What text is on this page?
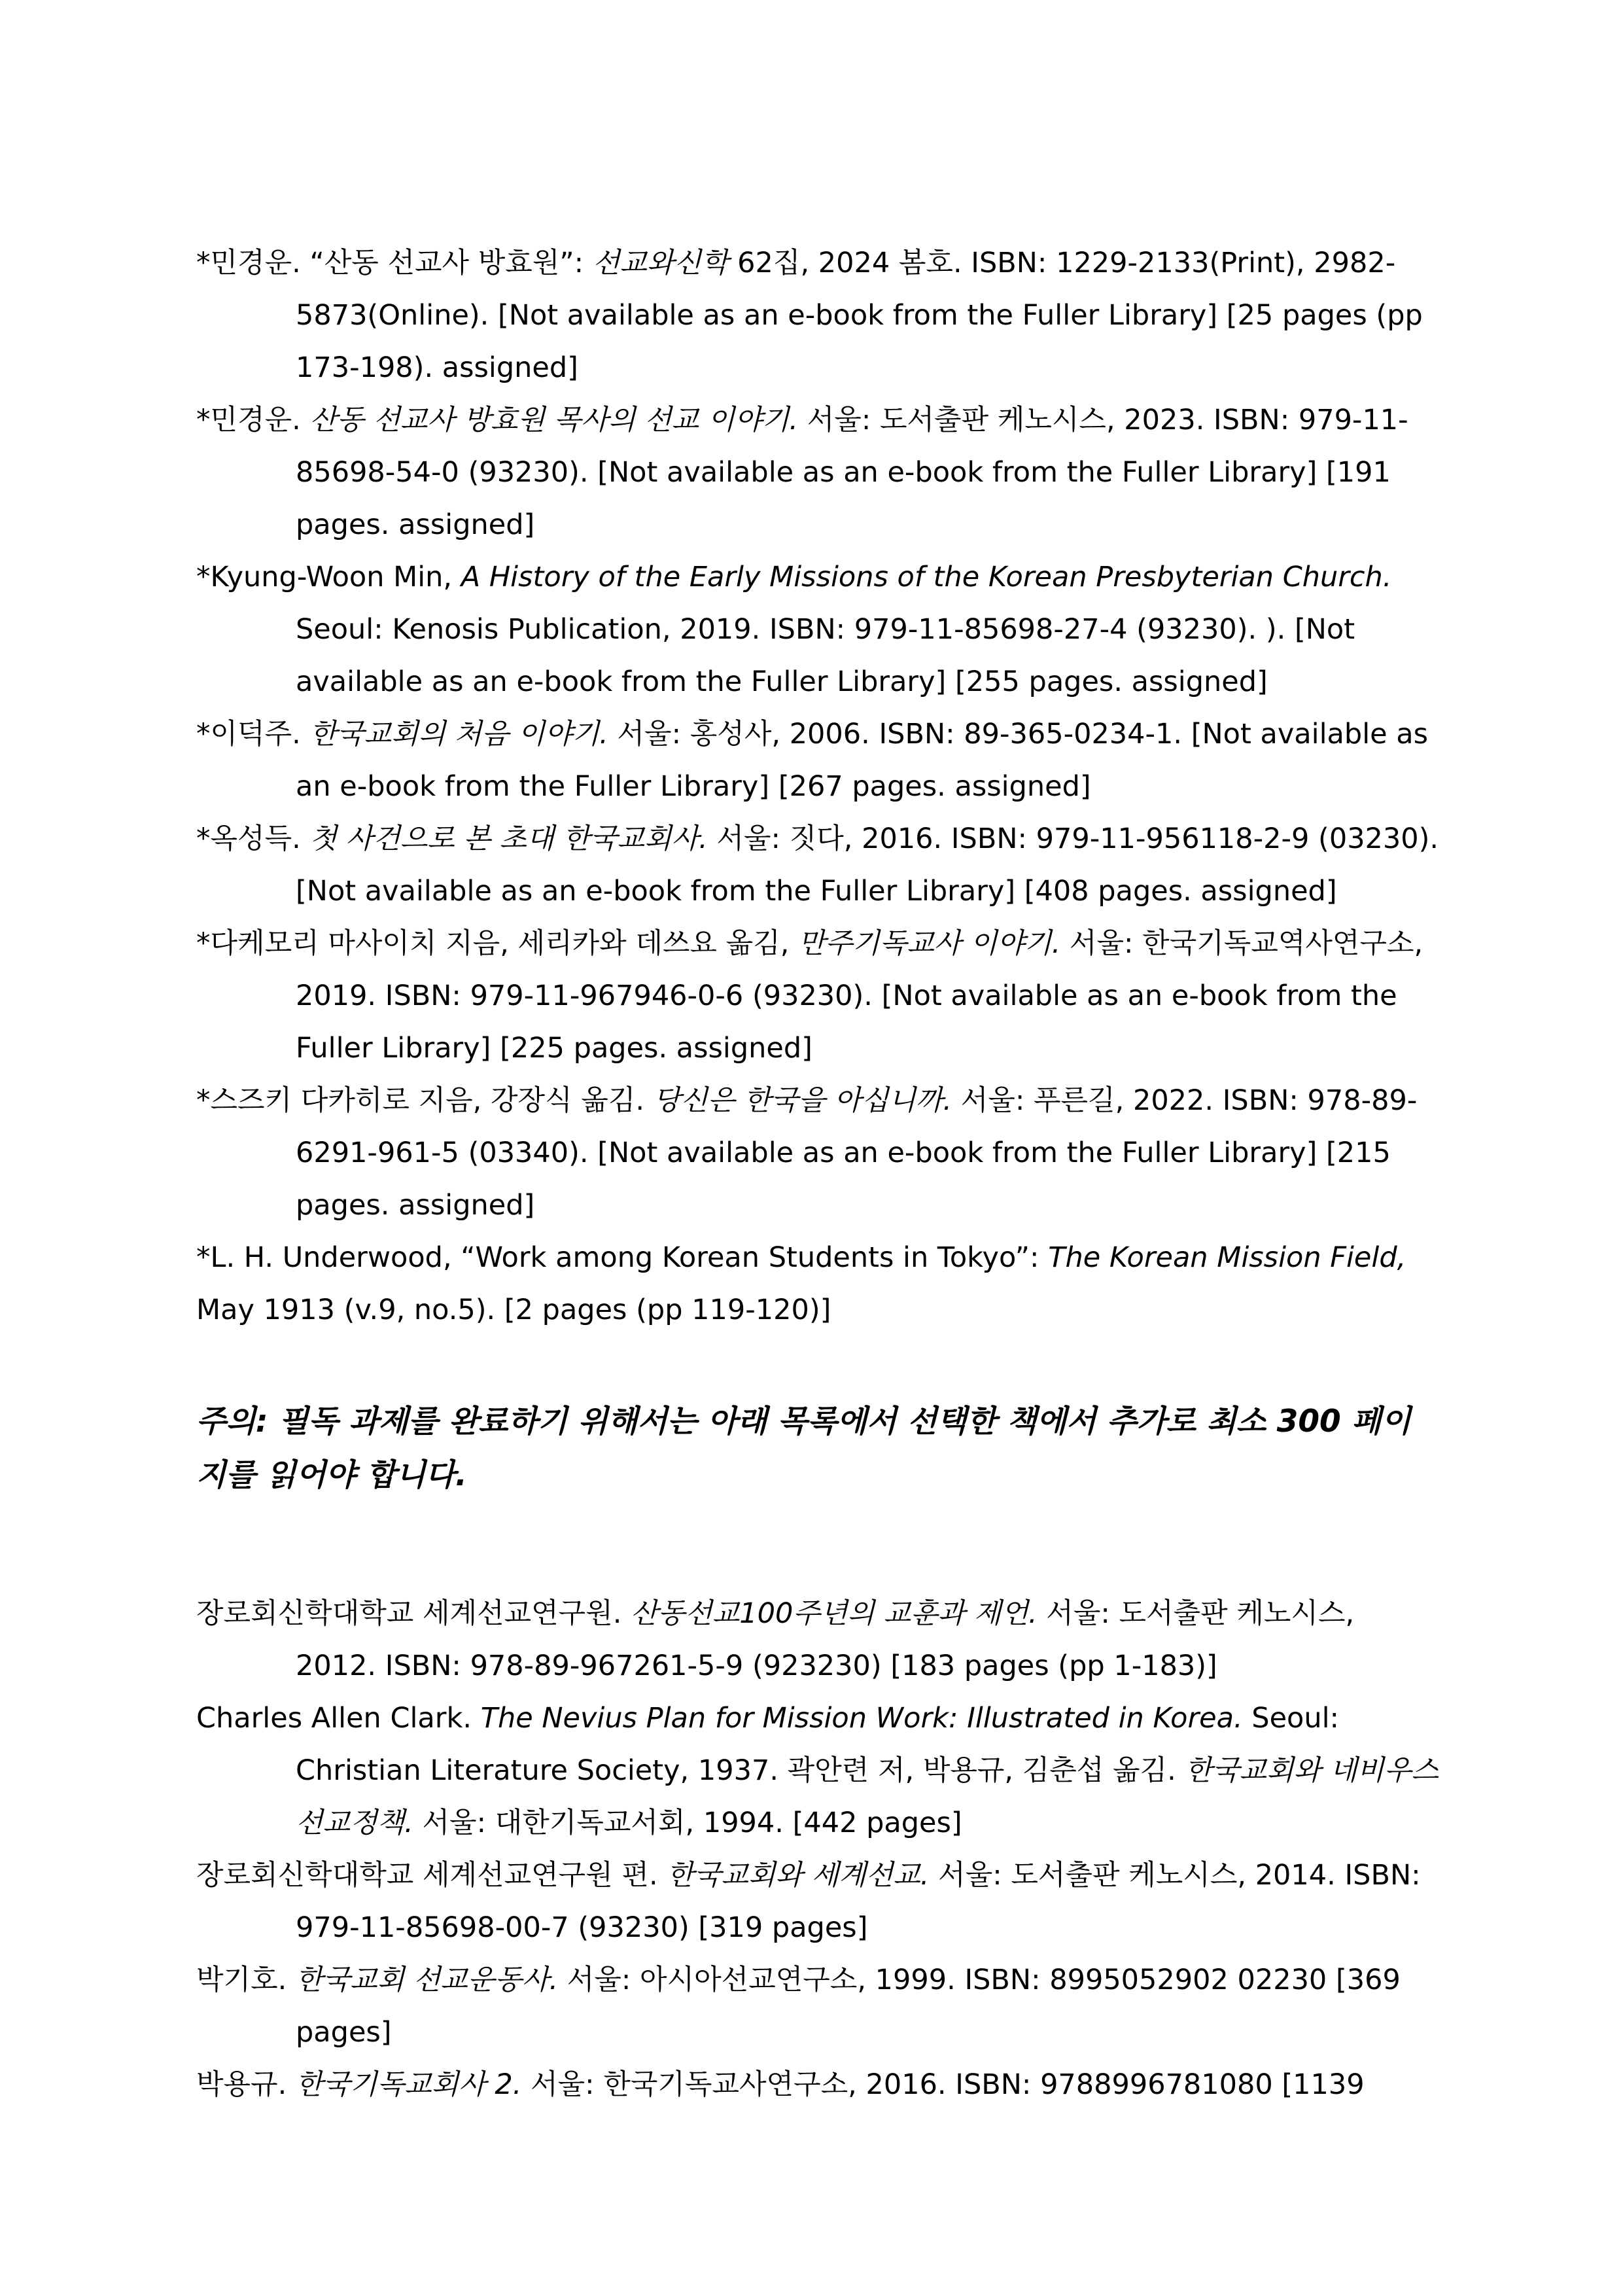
*민경운. “산동 선교사 방효원”: 선교와신학 62집, 2024 봄호. ISBN: 1229-2133(Print), 2982-5873(Online). [Not available as an e-book from the Fuller Library] [25 pages (pp 173-198). assigned]

*민경운. 산동 선교사 방효원 목사의 선교 이야기. 서울: 도서출판 케노시스, 2023. ISBN: 979-11-85698-54-0 (93230). [Not available as an e-book from the Fuller Library] [191 pages. assigned]

*Kyung-Woon Min, A History of the Early Missions of the Korean Presbyterian Church. Seoul: Kenosis Publication, 2019. ISBN: 979-11-85698-27-4 (93230). ). [Not available as an e-book from the Fuller Library] [255 pages. assigned]

*이덕주. 한국교회의 처음 이야기. 서울: 홍성사, 2006. ISBN: 89-365-0234-1. [Not available as an e-book from the Fuller Library] [267 pages. assigned]

*옥성득. 첫 사건으로 본 초대 한국교회사. 서울: 짓다, 2016. ISBN: 979-11-956118-2-9 (03230). [Not available as an e-book from the Fuller Library] [408 pages. assigned]

*다케모리 마사이치 지음, 세리카와 데쓰요 옮김, 만주기독교사 이야기. 서울: 한국기독교역사연구소, 2019. ISBN: 979-11-967946-0-6 (93230). [Not available as an e-book from the Fuller Library] [225 pages. assigned]

*스즈키 다카히로 지음, 강장식 옮김. 당신은 한국을 아십니까. 서울: 푸른길, 2022. ISBN: 978-89-6291-961-5 (03340). [Not available as an e-book from the Fuller Library] [215 pages. assigned]

*L. H. Underwood, “Work among Korean Students in Tokyo”: The Korean Mission Field, May 1913 (v.9, no.5). [2 pages (pp 119-120)]

주의: 필독 과제를 완료하기 위해서는 아래 목록에서 선택한 책에서 추가로 최소 300 페이지를 읽어야 합니다.

장로회신학대학교 세계선교연구원. 산동선교100주년의 교훈과 제언. 서울: 도서출판 케노시스, 2012. ISBN: 978-89-967261-5-9 (923230) [183 pages (pp 1-183)]

Charles Allen Clark. The Nevius Plan for Mission Work: Illustrated in Korea. Seoul: Christian Literature Society, 1937. 곽안련 저, 박용규, 김춘섭 옮김. 한국교회와 네비우스 선교정책. 서울: 대한기독교서회, 1994. [442 pages]

장로회신학대학교 세계선교연구원 편. 한국교회와 세계선교. 서울: 도서출판 케노시스, 2014. ISBN: 979-11-85698-00-7 (93230) [319 pages]

박기호. 한국교회 선교운동사. 서울: 아시아선교연구소, 1999. ISBN: 8995052902 02230 [369 pages]

박용규. 한국기독교회사 2. 서울: 한국기독교사연구소, 2016. ISBN: 9788996781080 [1139
